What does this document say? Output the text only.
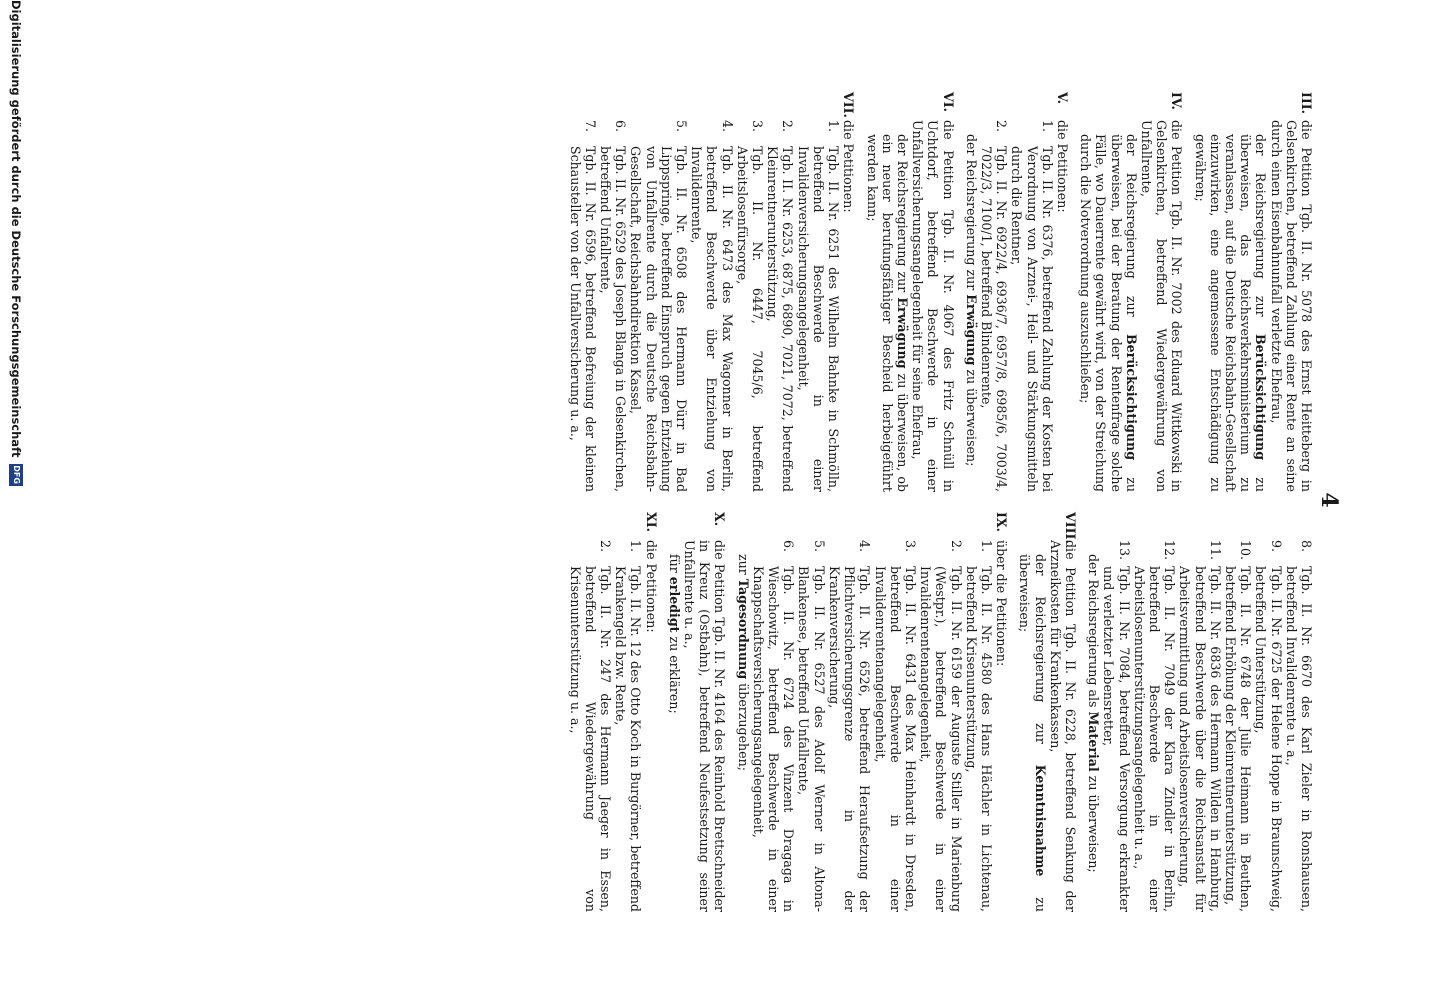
4
III.
die Petition Tgb. II. Nr. 5078 des Ernst Heitteberg in Gelsenkirchen, betreffend Zahlung einer Rente an seine durch einen Eisenbahnunfall verletzte Ehefrau,
der Reichsregierung zur Berücksichtigung zu überweisen, das Reichsverkehrsministerium zu veranlassen, auf die Deutsche Reichsbahn-Gesellschaft einzuwirken, eine angemessene Entschädigung zu gewähren;
IV.
die Petition Tgb. II. Nr. 7002 des Eduard Wittkowski in Gelsenkirchen, betreffend Wiedergewährung von Unfallrente,
der Reichsregierung zur Berücksichtigung zu überweisen, bei der Beratung der Rentenfrage solche Fälle, wo Dauerrente gewährt wird, von der Streichung durch die Notverordnung auszuschließen;
V.
die Petitionen:
1.
Tgb. II. Nr. 6376, betreffend Zahlung der Kosten bei Verordnung von Arznei-, Heil- und Stärkungsmitteln durch die Rentner,
2.
Tgb. II. Nr. 6922/4, 6936/7, 6957/8, 6985/6, 7003/4, 7022/3, 7100/1, betreffend Blindenrente,
der Reichsregierung zur Erwägung zu überweisen;
VI.
die Petition Tgb. II. Nr. 4067 des Fritz Schnüll in Uchtdorf, betreffend Beschwerde in einer Unfallversicherungsangelegenheit für seine Ehefrau,
der Reichsregierung zur Erwägung zu überweisen, ob ein neuer berufungsfähiger Bescheid herbeigeführt werden kann;
VII.
die Petitionen:
1.
Tgb. II. Nr. 6251 des Wilhelm Bahnke in Schmölln, betreffend Beschwerde in einer Invalidenversicherungsangelegenheit,
2.
Tgb. II. Nr. 6253, 6875, 6890, 7021, 7072, betreffend Kleinrentnerunterstützung,
3.
Tgb. II. Nr. 6447, 7045/6, betreffend Arbeitslosenfürsorge,
4.
Tgb. II. Nr. 6473 des Max Wagonner in Berlin, betreffend Beschwerde über Entziehung von Invalidenrente,
5.
Tgb. II. Nr. 6508 des Hermann Dürr in Bad Lippspringe, betreffend Einspruch gegen Entziehung von Unfallrente durch die Deutsche Reichsbahn-Gesellschaft, Reichsbahndirektion Kassel,
6.
Tgb. II. Nr. 6529 des Joseph Blanga in Gelsenkirchen, betreffend Unfallrente,
7.
Tgb. II. Nr. 6596, betreffend Befreiung der kleinen Schausteller von der Unfallversicherung u. a.,
8.
Tgb. II. Nr. 6670 des Karl Zieler in Ronshausen, betreffend Invalidenrente u. a.,
9.
Tgb. II. Nr. 6725 der Helene Hoppe in Braunschweig, betreffend Unterstützung,
10.
Tgb. II. Nr. 6748 der Julie Heimann in Beuthen, betreffend Erhöhung der Kleinrentnerunterstützung,
11.
Tgb. II. Nr. 6836 des Hermann Wilden in Hamburg, betreffend Beschwerde über die Reichsanstalt für Arbeitsvermittlung und Arbeitslosenversicherung,
12.
Tgb. II. Nr. 7049 der Klara Zindler in Berlin, betreffend Beschwerde in einer Arbeitslosenunterstützungsangelegenheit u. a.,
13.
Tgb. II. Nr. 7084, betreffend Versorgung erkrankter und verletzter Lebensretter,
der Reichsregierung als Material zu überweisen;
VIII.
die Petition Tgb. II. Nr. 6228, betreffend Senkung der Arzneikosten für Krankenkassen,
der Reichsregierung zur Kenntnisnahme zu überweisen;
IX.
über die Petitionen:
1.
Tgb. II. Nr. 4580 des Hans Hächler in Lichtenau, betreffend Krisenunterstützung,
2.
Tgb. II. Nr. 6159 der Auguste Stiller in Marienburg (Westpr.), betreffend Beschwerde in einer Invalidenrentenangelegenheit,
3.
Tgb. II. Nr. 6431 des Max Heinhardt in Dresden, betreffend Beschwerde in einer Invalidenrentenangelegenheit,
4.
Tgb. II. Nr. 6526, betreffend Heraufsetzung der Pflichtversicherungsgrenze in der Krankenversicherung,
5.
Tgb. II. Nr. 6527 des Adolf Werner in Altona-Blankenese, betreffend Unfallrente,
6.
Tgb. II. Nr. 6724 des Vinzent Dragaga in Wieschowitz, betreffend Beschwerde in einer Knappschaftsversicherungsangelegenheit,
zur Tagesordnung überzugehen;
X.
die Petition Tgb. II. Nr. 4164 des Reinhold Brettschneider in Kreuz (Ostbahn), betreffend Neufestsetzung seiner Unfallrente u. a.,
für erledigt zu erklären;
XI.
die Petitionen:
1.
Tgb. II. Nr. 12 des Otto Koch in Burgörner, betreffend Krankengeld bzw. Rente,
2.
Tgb. II. Nr. 247 des Hermann Jaeger in Essen, betreffend Wiedergewährung von Krisenunterstützung u. a.,
Digitalisierung gefördert durch die Deutsche Forschungsgemeinschaft
DFG
